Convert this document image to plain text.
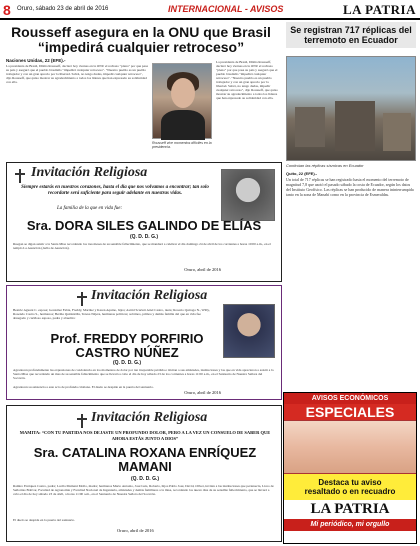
8 Oruro, sábado 23 de abril de 2016	INTERNACIONAL - AVISOS	LA PATRIA
Rousseff asegura en la ONU que Brasil “impedirá cualquier retroceso”
Naciones Unidas, 22 (EFE).-
La presidenta de Brasil, Dilma Rousseff, declaró hoy viernes en la ONU el rechazo "pleno" por que pasa su país y aseguró que el pueblo brasileño "impedirá cualquier retroceso". "Nuestro pueblo es un pueblo trabajador y con un gran aprecio por la libertad. Sabrá, no tengo dudas, impedir cualquier retroceso", dijo Rousseff, que quiso mostrar su agradecimiento a todos los líderes que han expresado su solidaridad con ella.
Rousseff vive momentos difíciles en la presidencia.
La presidenta de Brasil, Dilma Rousseff, declaró hoy viernes en la ONU el rechazo "pleno" por que pasa su país y aseguró que el pueblo brasileño "impedirá cualquier retroceso". "Nuestro pueblo es un pueblo trabajador y con un gran aprecio por la libertad. Sabrá, no tengo dudas, impedir cualquier retroceso", dijo Rousseff, que quiso mostrar su agradecimiento a todos los líderes que han expresado su solidaridad con ella.
Se registran 717 réplicas del terremoto en Ecuador
Continúan las réplicas sísmicas en Ecuador
Quito, 22 (EFE).-
Un total de 717 réplicas se han registrado hasta el momento del terremoto de magnitud 7,8 que azotó el pasado sábado la costa de Ecuador, según los datos del Instituto Geofísico. Las réplicas se han producido de manera ininterrumpida tanto en la zona de Manabí como en la provincia de Esmeraldas.
Invitación Religiosa
Siempre estarás en nuestros corazones, hasta el dia que nos volvamos a encontrar; tan solo recordarte será suficiente para seguir adelante en nuestras vidas.
La familia de la que en vida fue:
Sra. DORA SILES GALINDO DE ELÍAS
(Q. D. D. G.)
Ruegan se digan asistir a la Santa Misa recordando los tres meses de su sensible fallecimiento, que se mandará a celebrar el día domingo 24 de abril de los corrientes a horas 10:00 a.m., en el templo La Asunción (Avila de Asunción).
Oruro, abril de 2016
Invitación Religiosa
Beatriz Aguaré C. esposa; González Fabia, Freddy, Mariluz y Karen Aquino, hijos; Astrid Scarlett Ariel Castro, nieta; Rosario Quiroga N., Willy, Rosendo Castro S., hermanos; Bertha Quidantilla, Teresa Nájera, hermanas políticas; sobrinos, primos y demás familia del que en vida fue abnegado y cariñoso esposo, padre y abuelito:
Prof. FREDDY PORFIRIO CASTRO NÚÑEZ
(Q. D. D. G.)
Agradecen profundamente las expresiones de condolencia en los momentos de dolor por tan irreparable pérdida e invitan a sus amistades, instituciones y las que en vida apreciaron a asistir a la Santa Misa que recordando un mes de su sensible fallecimiento que se llevará a cabo el día de hoy sábado 23 de los corrientes a horas 11:00 a.m., en el Santuario de Nuestra Señora del Socavón.
Agradecen su asistencia a este acto de profunda cristiana. El duelo se despide en la puerta del santuario.
Oruro, abril de 2016
Invitación Religiosa
MAMITA: “CON TU PARTIDA NOS DEJASTE UN PROFUNDO DOLOR, PERO A LA VEZ UN CONSUELO DE SABER QUE AHORA ESTÁS JUNTO A DIOS”
Sra. CATALINA ROXANA ENRÍQUEZ MAMANI
(Q. D. D. G.)
Ramiro Enriquez Castro, padre; Lucila Mamani Mollo, madre; hermanos Mario Antonio, José Luis, Roberto, hijos Pablo José, David, Oliver, invitan a las instituciones que pertenecía, Liceo de Señoritas Bolívar, Facultad de Agronomía y Facultad Nacional de Ingeniería, amistades y demás familiares a la misa, recordando los nueve días de su sensible fallecimiento, que se llevará a cabo el día de hoy sábado 23 de abril, a horas 11:00 a.m., en el Santuario de Nuestra Señora del Socavón.
El duelo se despide en la puerta del santuario.
Oruro, abril de 2016
AVISOS ECONÓMICOS
ESPECIALES
Destaca tu aviso
resaltado o en recuadro
LA PATRIA
Mi periódico, mi orgullo
